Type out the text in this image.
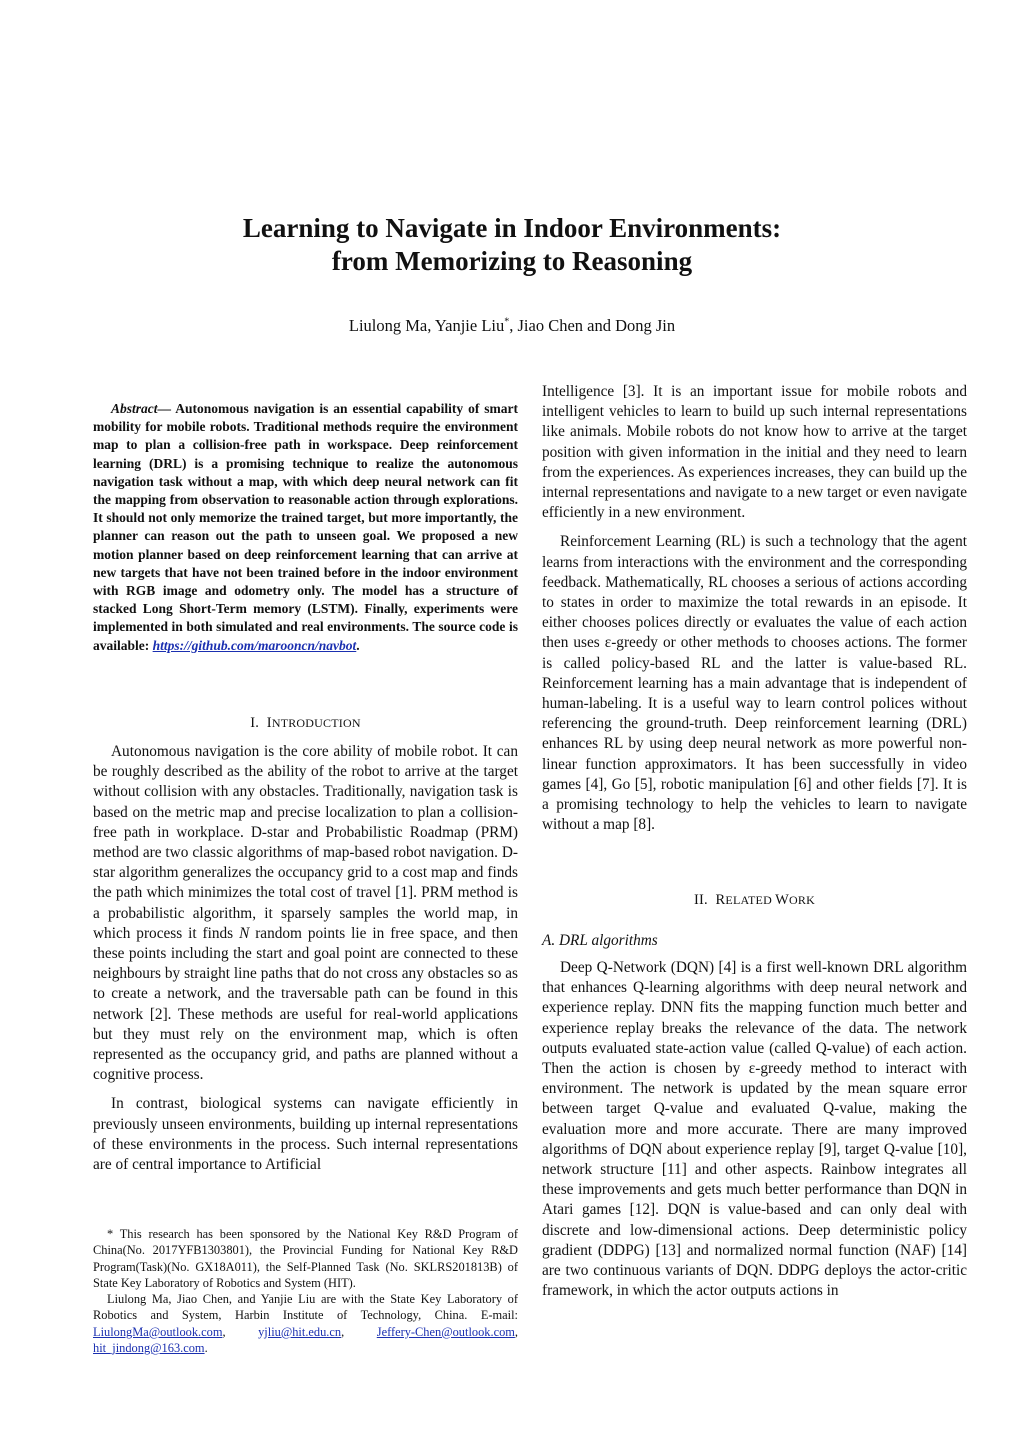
Learning to Navigate in Indoor Environments:
from Memorizing to Reasoning
Liulong Ma, Yanjie Liu*, Jiao Chen and Dong Jin
Abstract— Autonomous navigation is an essential capability of smart mobility for mobile robots. Traditional methods require the environment map to plan a collision-free path in workspace. Deep reinforcement learning (DRL) is a promising technique to realize the autonomous navigation task without a map, with which deep neural network can fit the mapping from observation to reasonable action through explorations. It should not only memorize the trained target, but more importantly, the planner can reason out the path to unseen goal. We proposed a new motion planner based on deep reinforcement learning that can arrive at new targets that have not been trained before in the indoor environment with RGB image and odometry only. The model has a structure of stacked Long Short-Term memory (LSTM). Finally, experiments were implemented in both simulated and real environments. The source code is available: https://github.com/marooncn/navbot.
I. INTRODUCTION

Autonomous navigation is the core ability of mobile robot. It can be roughly described as the ability of the robot to arrive at the target without collision with any obstacles. Traditionally, navigation task is based on the metric map and precise localization to plan a collision-free path in workplace. D-star and Probabilistic Roadmap (PRM) method are two classic algorithms of map-based robot navigation. D-star algorithm generalizes the occupancy grid to a cost map and finds the path which minimizes the total cost of travel [1]. PRM method is a probabilistic algorithm, it sparsely samples the world map, in which process it finds N random points lie in free space, and then these points including the start and goal point are connected to these neighbours by straight line paths that do not cross any obstacles so as to create a network, and the traversable path can be found in this network [2]. These methods are useful for real-world applications but they must rely on the environment map, which is often represented as the occupancy grid, and paths are planned without a cognitive process.

In contrast, biological systems can navigate efficiently in previously unseen environments, building up internal representations of these environments in the process. Such internal representations are of central importance to Artificial

Intelligence [3]. It is an important issue for mobile robots and intelligent vehicles to learn to build up such internal representations like animals. Mobile robots do not know how to arrive at the target position with given information in the initial and they need to learn from the experiences. As experiences increases, they can build up the internal representations and navigate to a new target or even navigate efficiently in a new environment.

Reinforcement Learning (RL) is such a technology that the agent learns from interactions with the environment and the corresponding feedback. Mathematically, RL chooses a serious of actions according to states in order to maximize the total rewards in an episode. It either chooses polices directly or evaluates the value of each action then uses ε-greedy or other methods to chooses actions. The former is called policy-based RL and the latter is value-based RL. Reinforcement learning has a main advantage that is independent of human-labeling. It is a useful way to learn control polices without referencing the ground-truth. Deep reinforcement learning (DRL) enhances RL by using deep neural network as more powerful non-linear function approximators. It has been successfully in video games [4], Go [5], robotic manipulation [6] and other fields [7]. It is a promising technology to help the vehicles to learn to navigate without a map [8].

II. RELATED WORK
A. DRL algorithms

Deep Q-Network (DQN) [4] is a first well-known DRL algorithm that enhances Q-learning algorithms with deep neural network and experience replay. DNN fits the mapping function much better and experience replay breaks the relevance of the data. The network outputs evaluated state-action value (called Q-value) of each action. Then the action is chosen by ε-greedy method to interact with environment. The network is updated by the mean square error between target Q-value and evaluated Q-value, making the evaluation more and more accurate. There are many improved algorithms of DQN about experience replay [9], target Q-value [10], network structure [11] and other aspects. Rainbow integrates all these improvements and gets much better performance than DQN in Atari games [12]. DQN is value-based and can only deal with discrete and low-dimensional actions. Deep deterministic policy gradient (DDPG) [13] and normalized normal function (NAF) [14] are two continuous variants of DQN. DDPG deploys the actor-critic framework, in which the actor outputs actions in

* This research has been sponsored by the National Key R&D Program of China(No. 2017YFB1303801), the Provincial Funding for National Key R&D Program(Task)(No. GX18A011), the Self-Planned Task (No. SKLRS201813B) of State Key Laboratory of Robotics and System (HIT).

Liulong Ma, Jiao Chen, and Yanjie Liu are with the State Key Laboratory of Robotics and System, Harbin Institute of Technology, China. E-mail: LiulongMa@outlook.com,	yjliu@hit.edu.cn,	Jeffery-Chen@outlook.com, hit_jindong@163.com.
